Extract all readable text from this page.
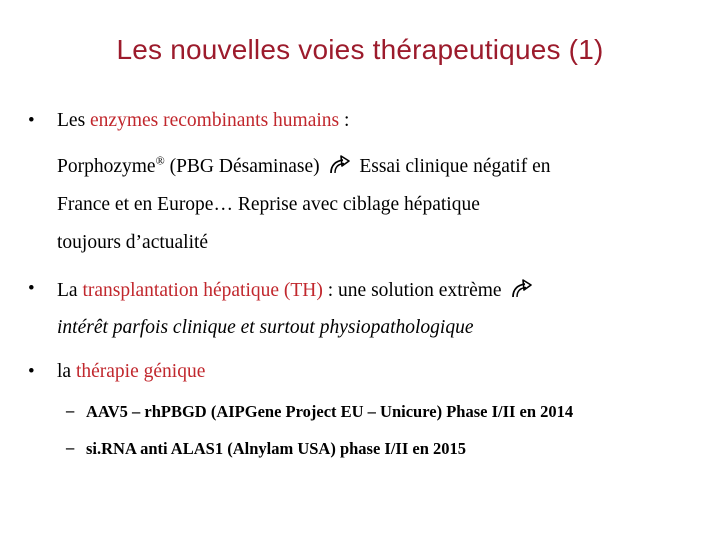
Les nouvelles voies thérapeutiques (1)
• Les enzymes recombinants humains :
Porphozyme® (PBG Désaminase)  Essai clinique négatif en
France et en Europe… Reprise avec ciblage hépatique
toujours d’actualité
• La transplantation hépatique (TH) : une solution extrème
intérêt parfois clinique et surtout physiopathologique
• la thérapie génique
– AAV5 – rhPBGD (AIPGene Project EU – Unicure) Phase I/II en 2014
– si.RNA anti ALAS1 (Alnylam USA) phase I/II en 2015
